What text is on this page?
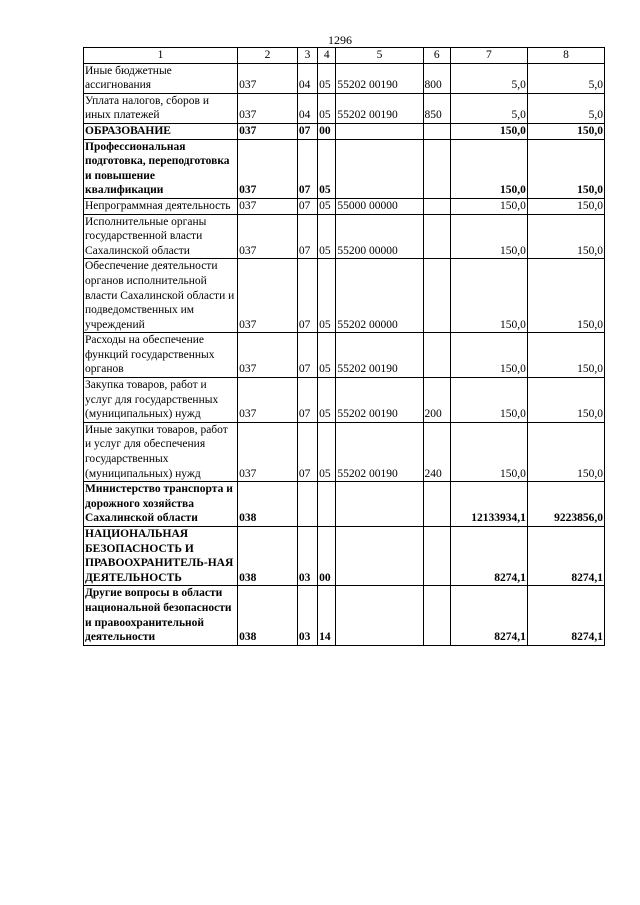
1296
1	2	3	4	5	6	7	8
Иные бюджетные ассигнования	037	04	05	55202 00190	800	5,0	5,0
Уплата налогов, сборов и иных платежей	037	04	05	55202 00190	850	5,0	5,0
ОБРАЗОВАНИЕ	037	07	00			150,0	150,0
Профессиональная подготовка, переподготовка и повышение квалификации	037	07	05			150,0	150,0
Непрограммная деятельность	037	07	05	55000 00000		150,0	150,0
Исполнительные органы государственной власти Сахалинской области	037	07	05	55200 00000		150,0	150,0
Обеспечение деятельности органов исполнительной власти Сахалинской области и подведомственных им учреждений	037	07	05	55202 00000		150,0	150,0
Расходы на обеспечение функций государственных органов	037	07	05	55202 00190		150,0	150,0
Закупка товаров, работ и услуг для государственных (муниципальных) нужд	037	07	05	55202 00190	200	150,0	150,0
Иные закупки товаров, работ и услуг для обеспечения государственных (муниципальных) нужд	037	07	05	55202 00190	240	150,0	150,0
Министерство транспорта и дорожного хозяйства Сахалинской области	038					12133934,1	9223856,0
НАЦИОНАЛЬНАЯ БЕЗОПАСНОСТЬ И ПРАВООХРАНИТЕЛЬ-НАЯ ДЕЯТЕЛЬНОСТЬ	038	03	00			8274,1	8274,1
Другие вопросы в области национальной безопасности и правоохранительной деятельности	038	03	14			8274,1	8274,1
